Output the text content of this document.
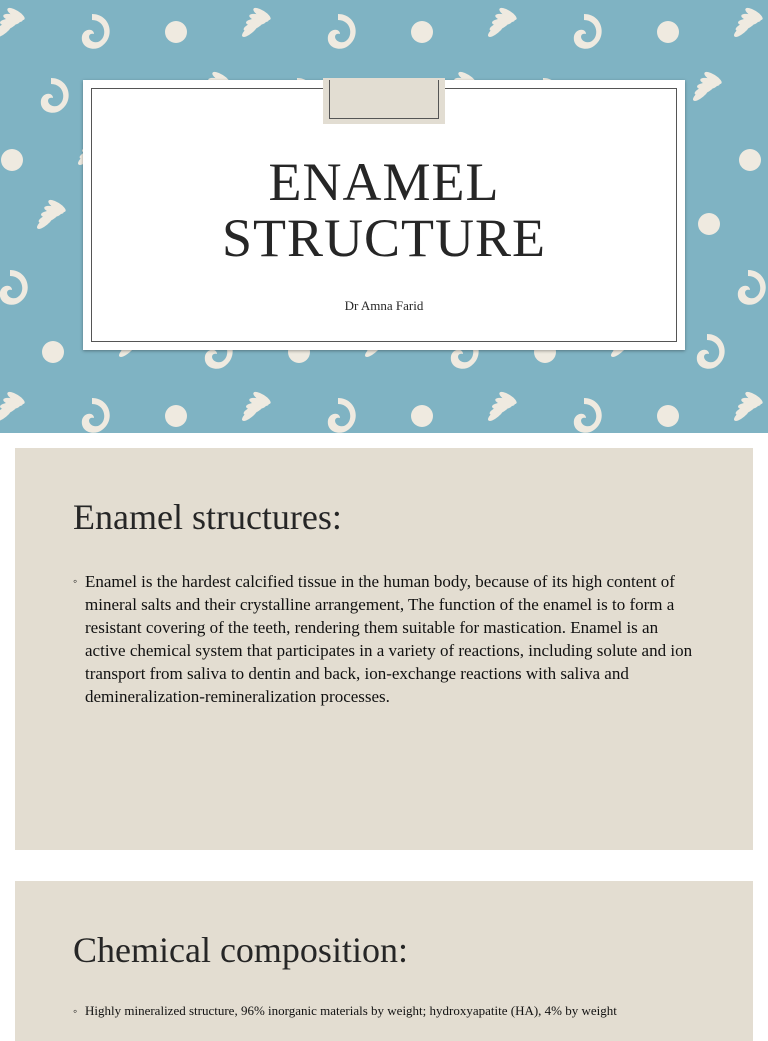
ENAMEL
STRUCTURE
Dr Amna Farid
Enamel structures:
◦ Enamel is the hardest calcified tissue in the human body, because of its high content of mineral salts and their crystalline arrangement, The function of the enamel is to form a resistant covering of the teeth, rendering them suitable for mastication. Enamel is an active chemical system that participates in a variety of reactions, including solute and ion transport from saliva to dentin and back, ion-exchange reactions with saliva and demineralization-remineralization processes.
Chemical composition:
◦ Highly mineralized structure, 96% inorganic materials by weight; hydroxyapatite (HA), 4% by weight
